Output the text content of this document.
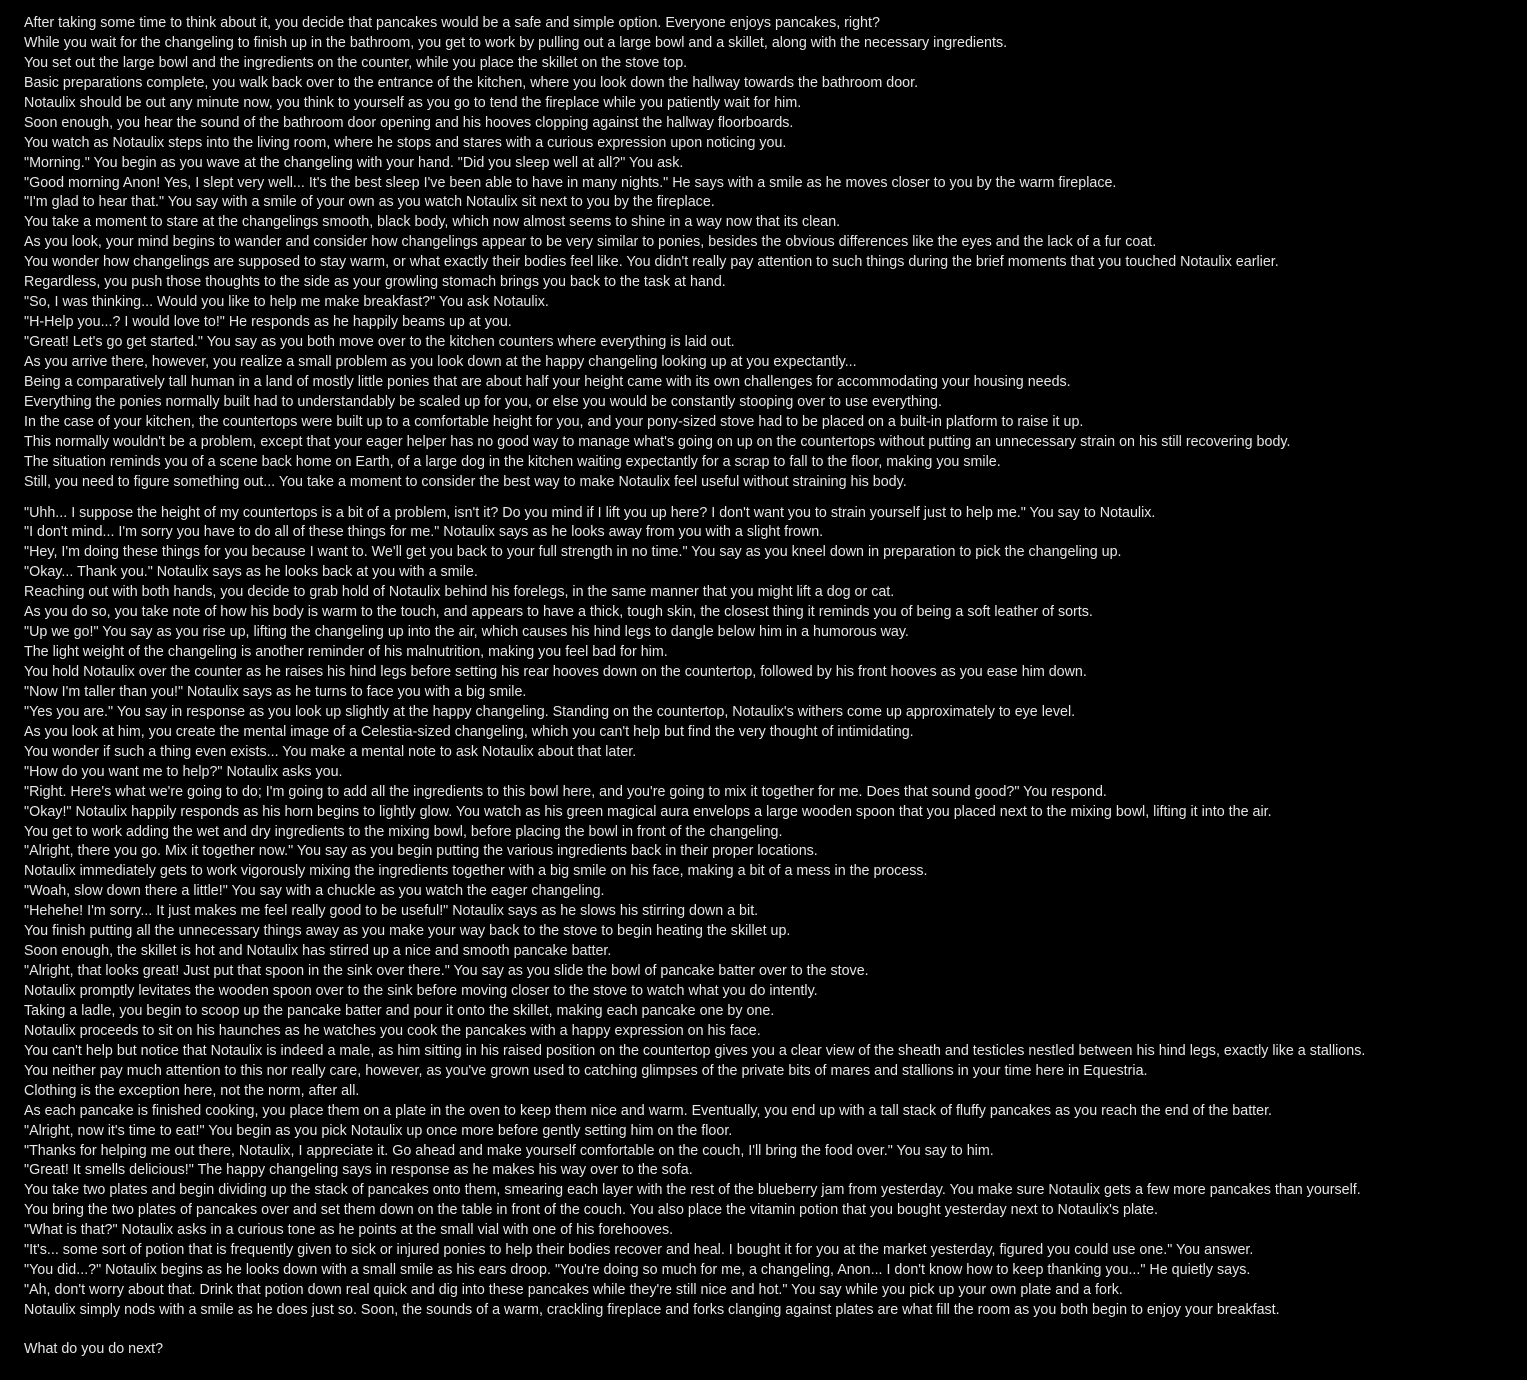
After taking some time to think about it, you decide that pancakes would be a safe and simple option. Everyone enjoys pancakes, right?
While you wait for the changeling to finish up in the bathroom, you get to work by pulling out a large bowl and a skillet, along with the necessary ingredients.
You set out the large bowl and the ingredients on the counter, while you place the skillet on the stove top.
Basic preparations complete, you walk back over to the entrance of the kitchen, where you look down the hallway towards the bathroom door.
Notaulix should be out any minute now, you think to yourself as you go to tend the fireplace while you patiently wait for him.
Soon enough, you hear the sound of the bathroom door opening and his hooves clopping against the hallway floorboards.
You watch as Notaulix steps into the living room, where he stops and stares with a curious expression upon noticing you.
"Morning." You begin as you wave at the changeling with your hand. "Did you sleep well at all?" You ask.
"Good morning Anon! Yes, I slept very well... It's the best sleep I've been able to have in many nights." He says with a smile as he moves closer to you by the warm fireplace.
"I'm glad to hear that." You say with a smile of your own as you watch Notaulix sit next to you by the fireplace.
You take a moment to stare at the changelings smooth, black body, which now almost seems to shine in a way now that its clean.
As you look, your mind begins to wander and consider how changelings appear to be very similar to ponies, besides the obvious differences like the eyes and the lack of a fur coat.
You wonder how changelings are supposed to stay warm, or what exactly their bodies feel like. You didn't really pay attention to such things during the brief moments that you touched Notaulix earlier.
Regardless, you push those thoughts to the side as your growling stomach brings you back to the task at hand.
"So, I was thinking... Would you like to help me make breakfast?" You ask Notaulix.
"H-Help you...? I would love to!" He responds as he happily beams up at you.
"Great! Let's go get started." You say as you both move over to the kitchen counters where everything is laid out.
As you arrive there, however, you realize a small problem as you look down at the happy changeling looking up at you expectantly...
Being a comparatively tall human in a land of mostly little ponies that are about half your height came with its own challenges for accommodating your housing needs.
Everything the ponies normally built had to understandably be scaled up for you, or else you would be constantly stooping over to use everything.
In the case of your kitchen, the countertops were built up to a comfortable height for you, and your pony-sized stove had to be placed on a built-in platform to raise it up.
This normally wouldn't be a problem, except that your eager helper has no good way to manage what's going on up on the countertops without putting an unnecessary strain on his still recovering body.
The situation reminds you of a scene back home on Earth, of a large dog in the kitchen waiting expectantly for a scrap to fall to the floor, making you smile.
Still, you need to figure something out... You take a moment to consider the best way to make Notaulix feel useful without straining his body.
"Uhh... I suppose the height of my countertops is a bit of a problem, isn't it? Do you mind if I lift you up here? I don't want you to strain yourself just to help me." You say to Notaulix.
"I don't mind... I'm sorry you have to do all of these things for me." Notaulix says as he looks away from you with a slight frown.
"Hey, I'm doing these things for you because I want to. We'll get you back to your full strength in no time." You say as you kneel down in preparation to pick the changeling up.
"Okay... Thank you." Notaulix says as he looks back at you with a smile.
Reaching out with both hands, you decide to grab hold of Notaulix behind his forelegs, in the same manner that you might lift a dog or cat.
As you do so, you take note of how his body is warm to the touch, and appears to have a thick, tough skin, the closest thing it reminds you of being a soft leather of sorts.
"Up we go!" You say as you rise up, lifting the changeling up into the air, which causes his hind legs to dangle below him in a humorous way.
The light weight of the changeling is another reminder of his malnutrition, making you feel bad for him.
You hold Notaulix over the counter as he raises his hind legs before setting his rear hooves down on the countertop, followed by his front hooves as you ease him down.
"Now I'm taller than you!" Notaulix says as he turns to face you with a big smile.
"Yes you are." You say in response as you look up slightly at the happy changeling. Standing on the countertop, Notaulix's withers come up approximately to eye level.
As you look at him, you create the mental image of a Celestia-sized changeling, which you can't help but find the very thought of intimidating.
You wonder if such a thing even exists... You make a mental note to ask Notaulix about that later.
"How do you want me to help?" Notaulix asks you.
"Right. Here's what we're going to do; I'm going to add all the ingredients to this bowl here, and you're going to mix it together for me. Does that sound good?" You respond.
"Okay!" Notaulix happily responds as his horn begins to lightly glow. You watch as his green magical aura envelops a large wooden spoon that you placed next to the mixing bowl, lifting it into the air.
You get to work adding the wet and dry ingredients to the mixing bowl, before placing the bowl in front of the changeling.
"Alright, there you go. Mix it together now." You say as you begin putting the various ingredients back in their proper locations.
Notaulix immediately gets to work vigorously mixing the ingredients together with a big smile on his face, making a bit of a mess in the process.
"Woah, slow down there a little!" You say with a chuckle as you watch the eager changeling.
"Hehehe! I'm sorry... It just makes me feel really good to be useful!" Notaulix says as he slows his stirring down a bit.
You finish putting all the unnecessary things away as you make your way back to the stove to begin heating the skillet up.
Soon enough, the skillet is hot and Notaulix has stirred up a nice and smooth pancake batter.
"Alright, that looks great! Just put that spoon in the sink over there." You say as you slide the bowl of pancake batter over to the stove.
Notaulix promptly levitates the wooden spoon over to the sink before moving closer to the stove to watch what you do intently.
Taking a ladle, you begin to scoop up the pancake batter and pour it onto the skillet, making each pancake one by one.
Notaulix proceeds to sit on his haunches as he watches you cook the pancakes with a happy expression on his face.
You can't help but notice that Notaulix is indeed a male, as him sitting in his raised position on the countertop gives you a clear view of the sheath and testicles nestled between his hind legs, exactly like a stallions.
You neither pay much attention to this nor really care, however, as you've grown used to catching glimpses of the private bits of mares and stallions in your time here in Equestria.
Clothing is the exception here, not the norm, after all.
As each pancake is finished cooking, you place them on a plate in the oven to keep them nice and warm. Eventually, you end up with a tall stack of fluffy pancakes as you reach the end of the batter.
"Alright, now it's time to eat!" You begin as you pick Notaulix up once more before gently setting him on the floor.
"Thanks for helping me out there, Notaulix, I appreciate it. Go ahead and make yourself comfortable on the couch, I'll bring the food over." You say to him.
"Great! It smells delicious!" The happy changeling says in response as he makes his way over to the sofa.
You take two plates and begin dividing up the stack of pancakes onto them, smearing each layer with the rest of the blueberry jam from yesterday. You make sure Notaulix gets a few more pancakes than yourself.
You bring the two plates of pancakes over and set them down on the table in front of the couch. You also place the vitamin potion that you bought yesterday next to Notaulix's plate.
"What is that?" Notaulix asks in a curious tone as he points at the small vial with one of his forehooves.
"It's... some sort of potion that is frequently given to sick or injured ponies to help their bodies recover and heal. I bought it for you at the market yesterday, figured you could use one." You answer.
"You did...?" Notaulix begins as he looks down with a small smile as his ears droop. "You're doing so much for me, a changeling, Anon... I don't know how to keep thanking you..." He quietly says.
"Ah, don't worry about that. Drink that potion down real quick and dig into these pancakes while they're still nice and hot." You say while you pick up your own plate and a fork.
Notaulix simply nods with a smile as he does just so. Soon, the sounds of a warm, crackling fireplace and forks clanging against plates are what fill the room as you both begin to enjoy your breakfast.
What do you do next?
